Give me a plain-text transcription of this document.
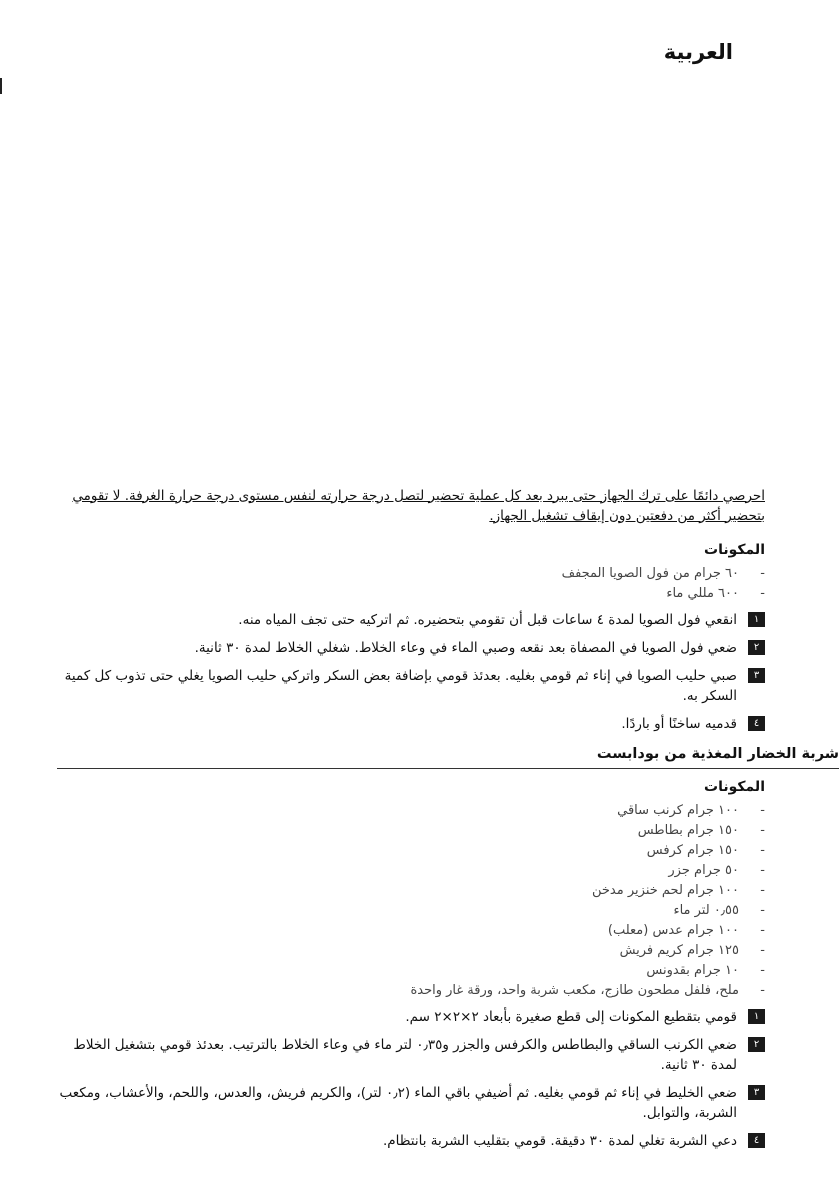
العربية

احرصي دائمًا على ترك الجهاز حتى يبرد بعد كل عملية تحضير لتصل درجة حرارته لنفس مستوى درجة حرارة الغرفة. لا تقومي بتحضير أكثر من دفعتين دون إيقاف تشغيل الجهاز.

المكونات
-
٦٠ جرام من فول الصويا المجفف
-
٦٠٠ مللي ماء
١
انقعي فول الصويا لمدة ٤ ساعات قبل أن تقومي بتحضيره. ثم اتركيه حتى تجف المياه منه.
٢
ضعي فول الصويا في المصفاة بعد نقعه وصبي الماء في وعاء الخلاط. شغلي الخلاط لمدة ٣٠ ثانية.
٣
صبي حليب الصويا في إناء ثم قومي بغليه. بعدئذ قومي بإضافة بعض السكر واتركي حليب الصويا يغلي حتى تذوب كل كمية السكر به.
٤
قدميه ساخنًا أو باردًا.
شربة الخضار المغذية من بودابست
المكونات
-
١٠٠ جرام كرنب ساقي
-
١٥٠ جرام بطاطس
-
١٥٠ جرام كرفس
-
٥٠ جرام جزر
-
١٠٠ جرام لحم خنزير مدخن
-
٠٫٥٥ لتر ماء
-
١٠٠ جرام عدس (معلب)
-
١٢٥ جرام كريم فريش
-
١٠ جرام بقدونس
-
ملح، فلفل مطحون طازج، مكعب شربة واحد، ورقة غار واحدة
١
قومي بتقطيع المكونات إلى قطع صغيرة بأبعاد ٢×٢×٢ سم.
٢
ضعي الكرنب الساقي والبطاطس والكرفس والجزر و٠٫٣٥ لتر ماء في وعاء الخلاط بالترتيب. بعدئذ قومي بتشغيل الخلاط لمدة ٣٠ ثانية.
٣
ضعي الخليط في إناء ثم قومي بغليه. ثم أضيفي باقي الماء (٠٫٢ لتر)، والكريم فريش، والعدس، واللحم، والأعشاب، ومكعب الشربة، والتوابل.
٤
دعي الشربة تغلي لمدة ٣٠ دقيقة. قومي بتقليب الشربة بانتظام.
